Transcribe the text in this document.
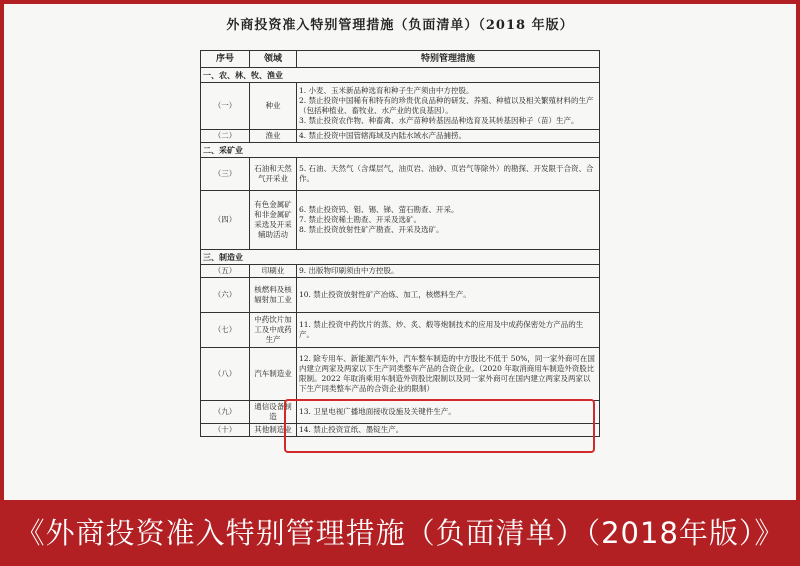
外商投资准入特别管理措施（负面清单）（2018 年版）
序号	领域	特别管理措施
一、农、林、牧、渔业		
（一）	种业	1. 小麦、玉米新品种选育和种子生产须由中方控股。
2. 禁止投资中国稀有和特有的珍贵优良品种的研发、养殖、种植以及相关繁殖材料的生产（包括种植业、畜牧业、水产业的优良基因）。
3. 禁止投资农作物、种畜禽、水产苗种转基因品种选育及其转基因种子（苗）生产。

（二）	渔业	4. 禁止投资中国管辖海域及内陆水域水产品捕捞。

二、采矿业		
（三）	石油和天然气开采业	5. 石油、天然气（含煤层气，油页岩、油砂、页岩气等除外）的勘探、开发限于合资、合作。

（四）	有色金属矿和非金属矿采选及开采辅助活动	6. 禁止投资钨、钼、锡、锑、萤石勘查、开采。
7. 禁止投资稀土勘查、开采及选矿。
8. 禁止投资放射性矿产勘查、开采及选矿。

三、制造业		
（五）	印刷业	9. 出版物印刷须由中方控股。

（六）	核燃料及核辐射加工业	10. 禁止投资放射性矿产冶炼、加工，核燃料生产。

（七）	中药饮片加工及中成药生产	11. 禁止投资中药饮片的蒸、炒、炙、煅等炮制技术的应用及中成药保密处方产品的生产。

（八）	汽车制造业	12. 除专用车、新能源汽车外，汽车整车制造的中方股比不低于 50%，同一家外商可在国内建立两家及两家以下生产同类整车产品的合资企业。（2020 年取消商用车制造外资股比限制。2022 年取消乘用车制造外资股比限制以及同一家外商可在国内建立两家及两家以下生产同类整车产品的合资企业的限制）

（九）	通信设备制造	13. 卫星电视广播地面接收设施及关键件生产。

（十）	其他制造业	14. 禁止投资宣纸、墨锭生产。
《外商投资准入特别管理措施（负面清单）（2018年版）》
